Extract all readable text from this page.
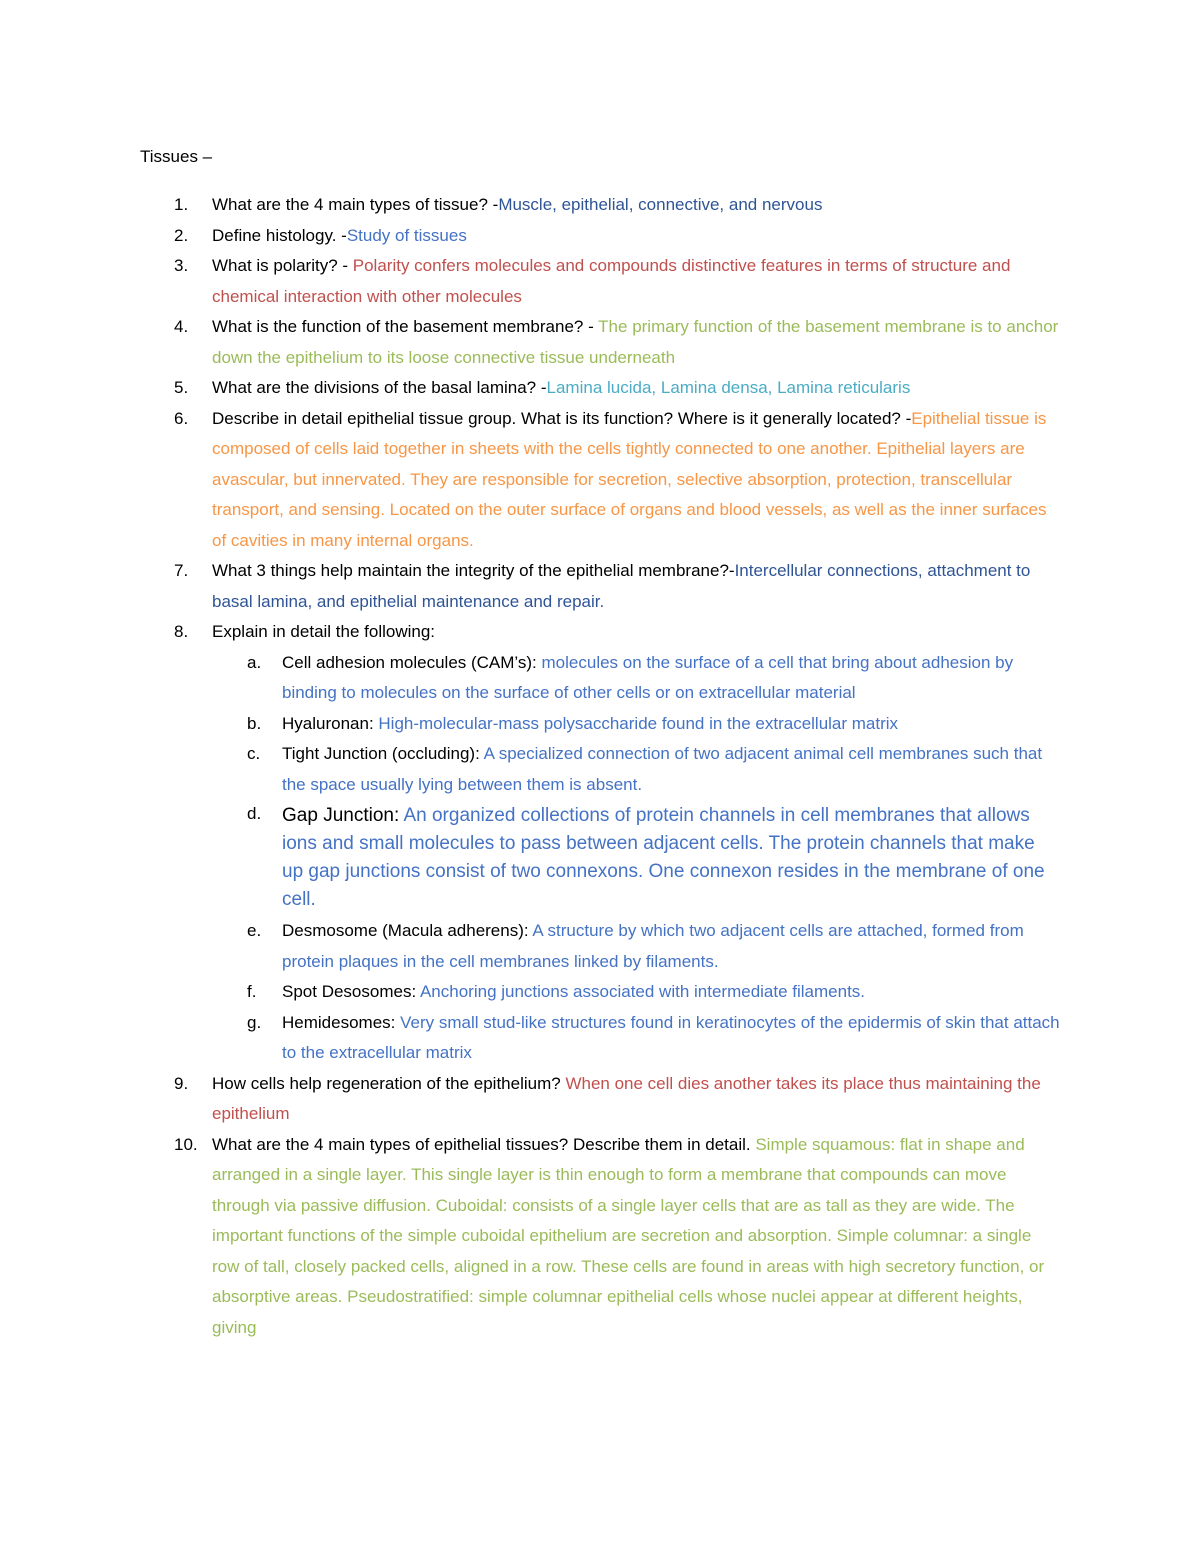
Tissues –
1. What are the 4 main types of tissue? -Muscle, epithelial, connective, and nervous
2. Define histology. -Study of tissues
3. What is polarity? - Polarity confers molecules and compounds distinctive features in terms of structure and chemical interaction with other molecules
4. What is the function of the basement membrane? - The primary function of the basement membrane is to anchor down the epithelium to its loose connective tissue underneath
5. What are the divisions of the basal lamina? -Lamina lucida, Lamina densa, Lamina reticularis
6. Describe in detail epithelial tissue group. What is its function? Where is it generally located? -Epithelial tissue is composed of cells laid together in sheets with the cells tightly connected to one another. Epithelial layers are avascular, but innervated. They are responsible for secretion, selective absorption, protection, transcellular transport, and sensing. Located on the outer surface of organs and blood vessels, as well as the inner surfaces of cavities in many internal organs.
7. What 3 things help maintain the integrity of the epithelial membrane?-Intercellular connections, attachment to basal lamina, and epithelial maintenance and repair.
8. Explain in detail the following:
a. Cell adhesion molecules (CAM’s): molecules on the surface of a cell that bring about adhesion by binding to molecules on the surface of other cells or on extracellular material
b. Hyaluronan: High-molecular-mass polysaccharide found in the extracellular matrix
c. Tight Junction (occluding): A specialized connection of two adjacent animal cell membranes such that the space usually lying between them is absent.
d. Gap Junction: An organized collections of protein channels in cell membranes that allows ions and small molecules to pass between adjacent cells. The protein channels that make up gap junctions consist of two connexons. One connexon resides in the membrane of one cell.
e. Desmosome (Macula adherens): A structure by which two adjacent cells are attached, formed from protein plaques in the cell membranes linked by filaments.
f. Spot Desosomes: Anchoring junctions associated with intermediate filaments.
g. Hemidesomes: Very small stud-like structures found in keratinocytes of the epidermis of skin that attach to the extracellular matrix
9. How cells help regeneration of the epithelium? When one cell dies another takes its place thus maintaining the epithelium
10. What are the 4 main types of epithelial tissues? Describe them in detail. Simple squamous: flat in shape and arranged in a single layer. This single layer is thin enough to form a membrane that compounds can move through via passive diffusion. Cuboidal: consists of a single layer cells that are as tall as they are wide. The important functions of the simple cuboidal epithelium are secretion and absorption. Simple columnar: a single row of tall, closely packed cells, aligned in a row. These cells are found in areas with high secretory function, or absorptive areas. Pseudostratified: simple columnar epithelial cells whose nuclei appear at different heights, giving
